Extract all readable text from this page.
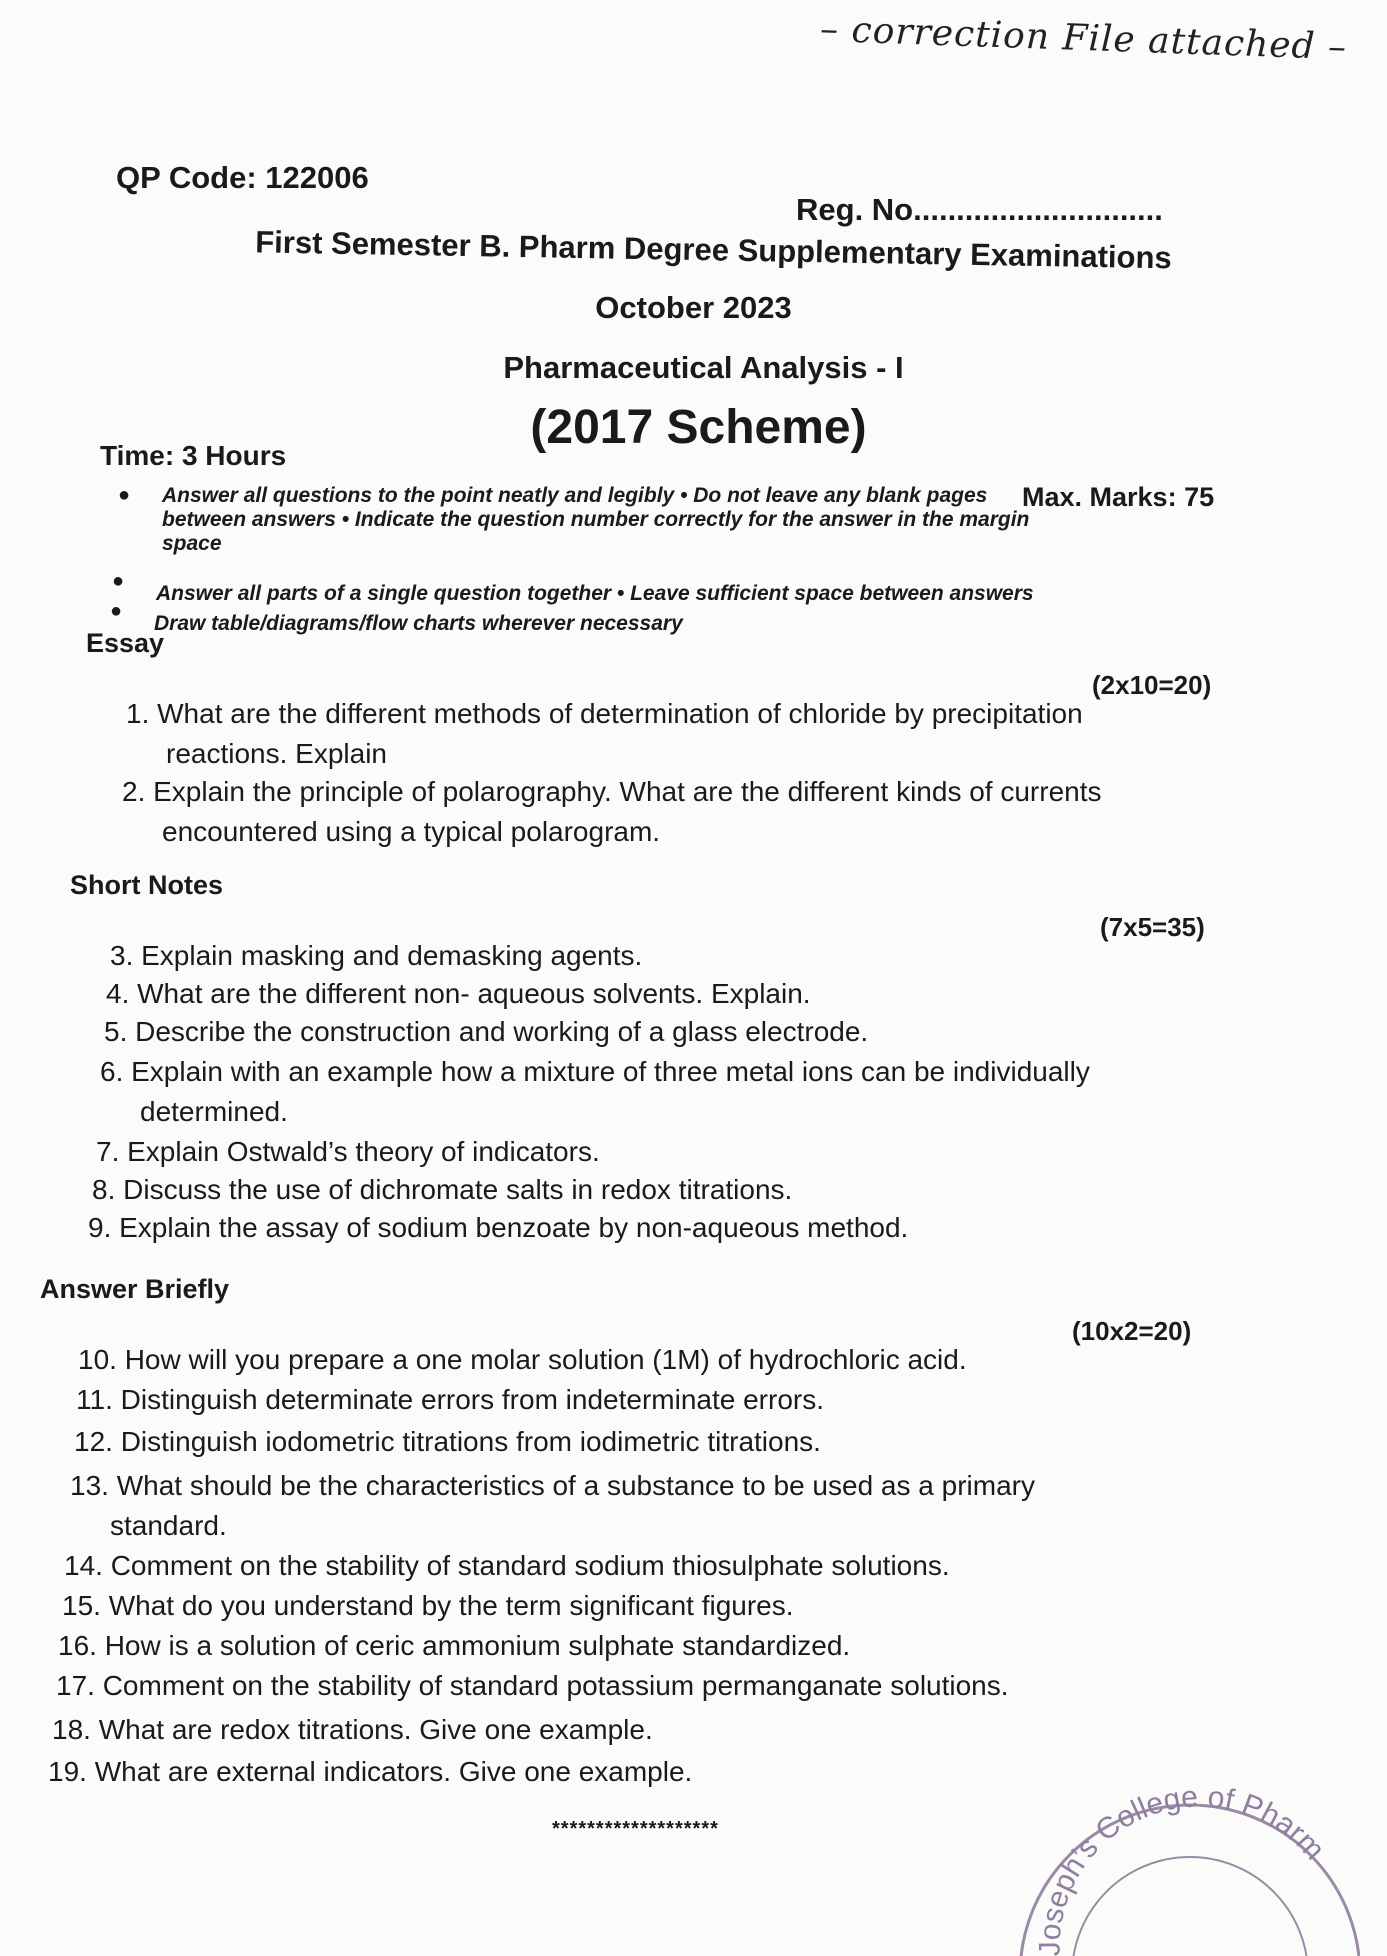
– correction File attached –
QP Code: 122006
Reg. No.............................
First Semester B. Pharm Degree Supplementary Examinations
October 2023
Pharmaceutical Analysis - I
(2017 Scheme)
Time: 3 Hours
Max. Marks: 75
● Answer all questions to the point neatly and legibly • Do not leave any blank pages
between answers • Indicate the question number correctly for the answer in the margin
space
●
Answer all parts of a single question together • Leave sufficient space between answers
●
Draw table/diagrams/flow charts wherever necessary
Essay
(2x10=20)
1. What are the different methods of determination of chloride by precipitation
reactions. Explain
2. Explain the principle of polarography. What are the different kinds of currents
encountered using a typical polarogram.
Short Notes
(7x5=35)
3. Explain masking and demasking agents.
4. What are the different non- aqueous solvents. Explain.
5. Describe the construction and working of a glass electrode.
6. Explain with an example how a mixture of three metal ions can be individually
determined.
7. Explain Ostwald’s theory of indicators.
8. Discuss the use of dichromate salts in redox titrations.
9. Explain the assay of sodium benzoate by non-aqueous method.
Answer Briefly
(10x2=20)
10. How will you prepare a one molar solution (1M) of hydrochloric acid.
11. Distinguish determinate errors from indeterminate errors.
12. Distinguish iodometric titrations from iodimetric titrations.
13. What should be the characteristics of a substance to be used as a primary
standard.
14. Comment on the stability of standard sodium thiosulphate solutions.
15. What do you understand by the term significant figures.
16. How is a solution of ceric ammonium sulphate standardized.
17. Comment on the stability of standard potassium permanganate solutions.
18. What are redox titrations. Give one example.
19. What are external indicators. Give one example.
*******************
Joseph’s College of Pharm
